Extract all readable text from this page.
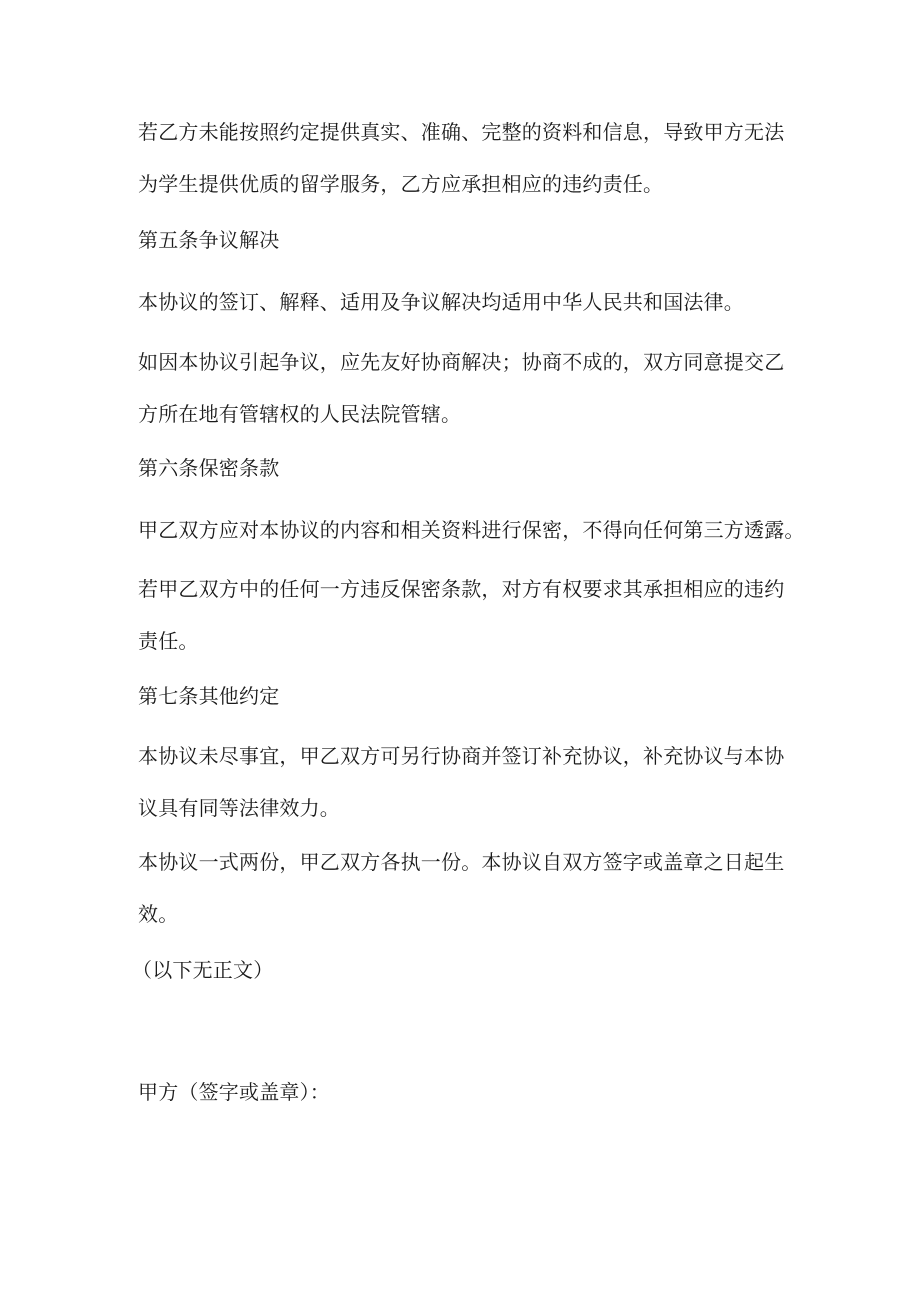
若乙方未能按照约定提供真实、准确、完整的资料和信息，导致甲方无法
为学生提供优质的留学服务，乙方应承担相应的违约责任。
第五条争议解决
本协议的签订、解释、适用及争议解决均适用中华人民共和国法律。
如因本协议引起争议，应先友好协商解决；协商不成的，双方同意提交乙
方所在地有管辖权的人民法院管辖。
第六条保密条款
甲乙双方应对本协议的内容和相关资料进行保密，不得向任何第三方透露。
若甲乙双方中的任何一方违反保密条款，对方有权要求其承担相应的违约
责任。
第七条其他约定
本协议未尽事宜，甲乙双方可另行协商并签订补充协议，补充协议与本协
议具有同等法律效力。
本协议一式两份，甲乙双方各执一份。本协议自双方签字或盖章之日起生
效。
（以下无正文）
甲方（签字或盖章）：
